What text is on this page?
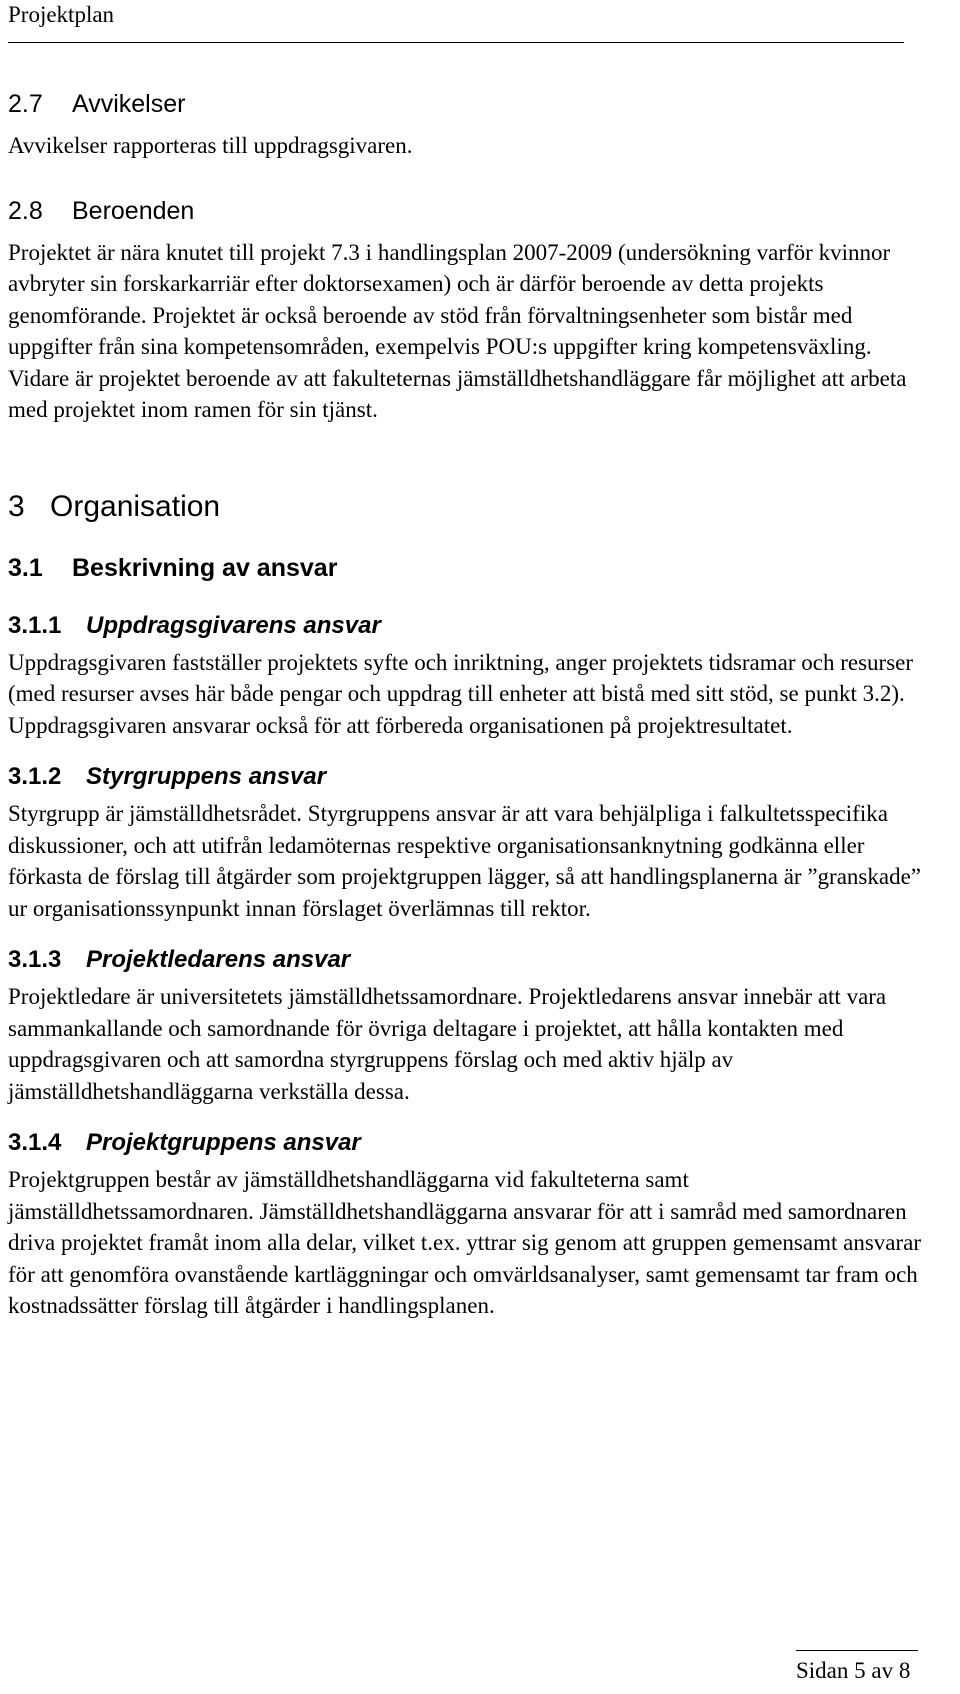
Projektplan
2.7 Avvikelser

Avvikelser rapporteras till uppdragsgivaren.

2.8 Beroenden

Projektet är nära knutet till projekt 7.3 i handlingsplan 2007-2009 (undersökning varför kvinnor avbryter sin forskarkarriär efter doktorsexamen) och är därför beroende av detta projekts genomförande. Projektet är också beroende av stöd från förvaltningsenheter som bistår med uppgifter från sina kompetensområden, exempelvis POU:s uppgifter kring kompetensväxling. Vidare är projektet beroende av att fakulteternas jämställdhetshandläggare får möjlighet att arbeta med projektet inom ramen för sin tjänst.

3 Organisation
3.1 Beskrivning av ansvar
3.1.1 Uppdragsgivarens ansvar

Uppdragsgivaren fastställer projektets syfte och inriktning, anger projektets tidsramar och resurser (med resurser avses här både pengar och uppdrag till enheter att bistå med sitt stöd, se punkt 3.2). Uppdragsgivaren ansvarar också för att förbereda organisationen på projektresultatet.

3.1.2 Styrgruppens ansvar

Styrgrupp är jämställdhetsrådet. Styrgruppens ansvar är att vara behjälpliga i falkultetsspecifika diskussioner, och att utifrån ledamöternas respektive organisationsanknytning godkänna eller förkasta de förslag till åtgärder som projektgruppen lägger, så att handlingsplanerna är ”granskade” ur organisationssynpunkt innan förslaget överlämnas till rektor.

3.1.3 Projektledarens ansvar

Projektledare är universitetets jämställdhetssamordnare. Projektledarens ansvar innebär att vara sammankallande och samordnande för övriga deltagare i projektet, att hålla kontakten med uppdragsgivaren och att samordna styrgruppens förslag och med aktiv hjälp av jämställdhetshandläggarna verkställa dessa.

3.1.4 Projektgruppens ansvar

Projektgruppen består av jämställdhetshandläggarna vid fakulteterna samt jämställdhetssamordnaren. Jämställdhetshandläggarna ansvarar för att i samråd med samordnaren driva projektet framåt inom alla delar, vilket t.ex. yttrar sig genom att gruppen gemensamt ansvarar för att genomföra ovanstående kartläggningar och omvärldsanalyser, samt gemensamt tar fram och kostnadssätter förslag till åtgärder i handlingsplanen.

Sidan 5 av 8
